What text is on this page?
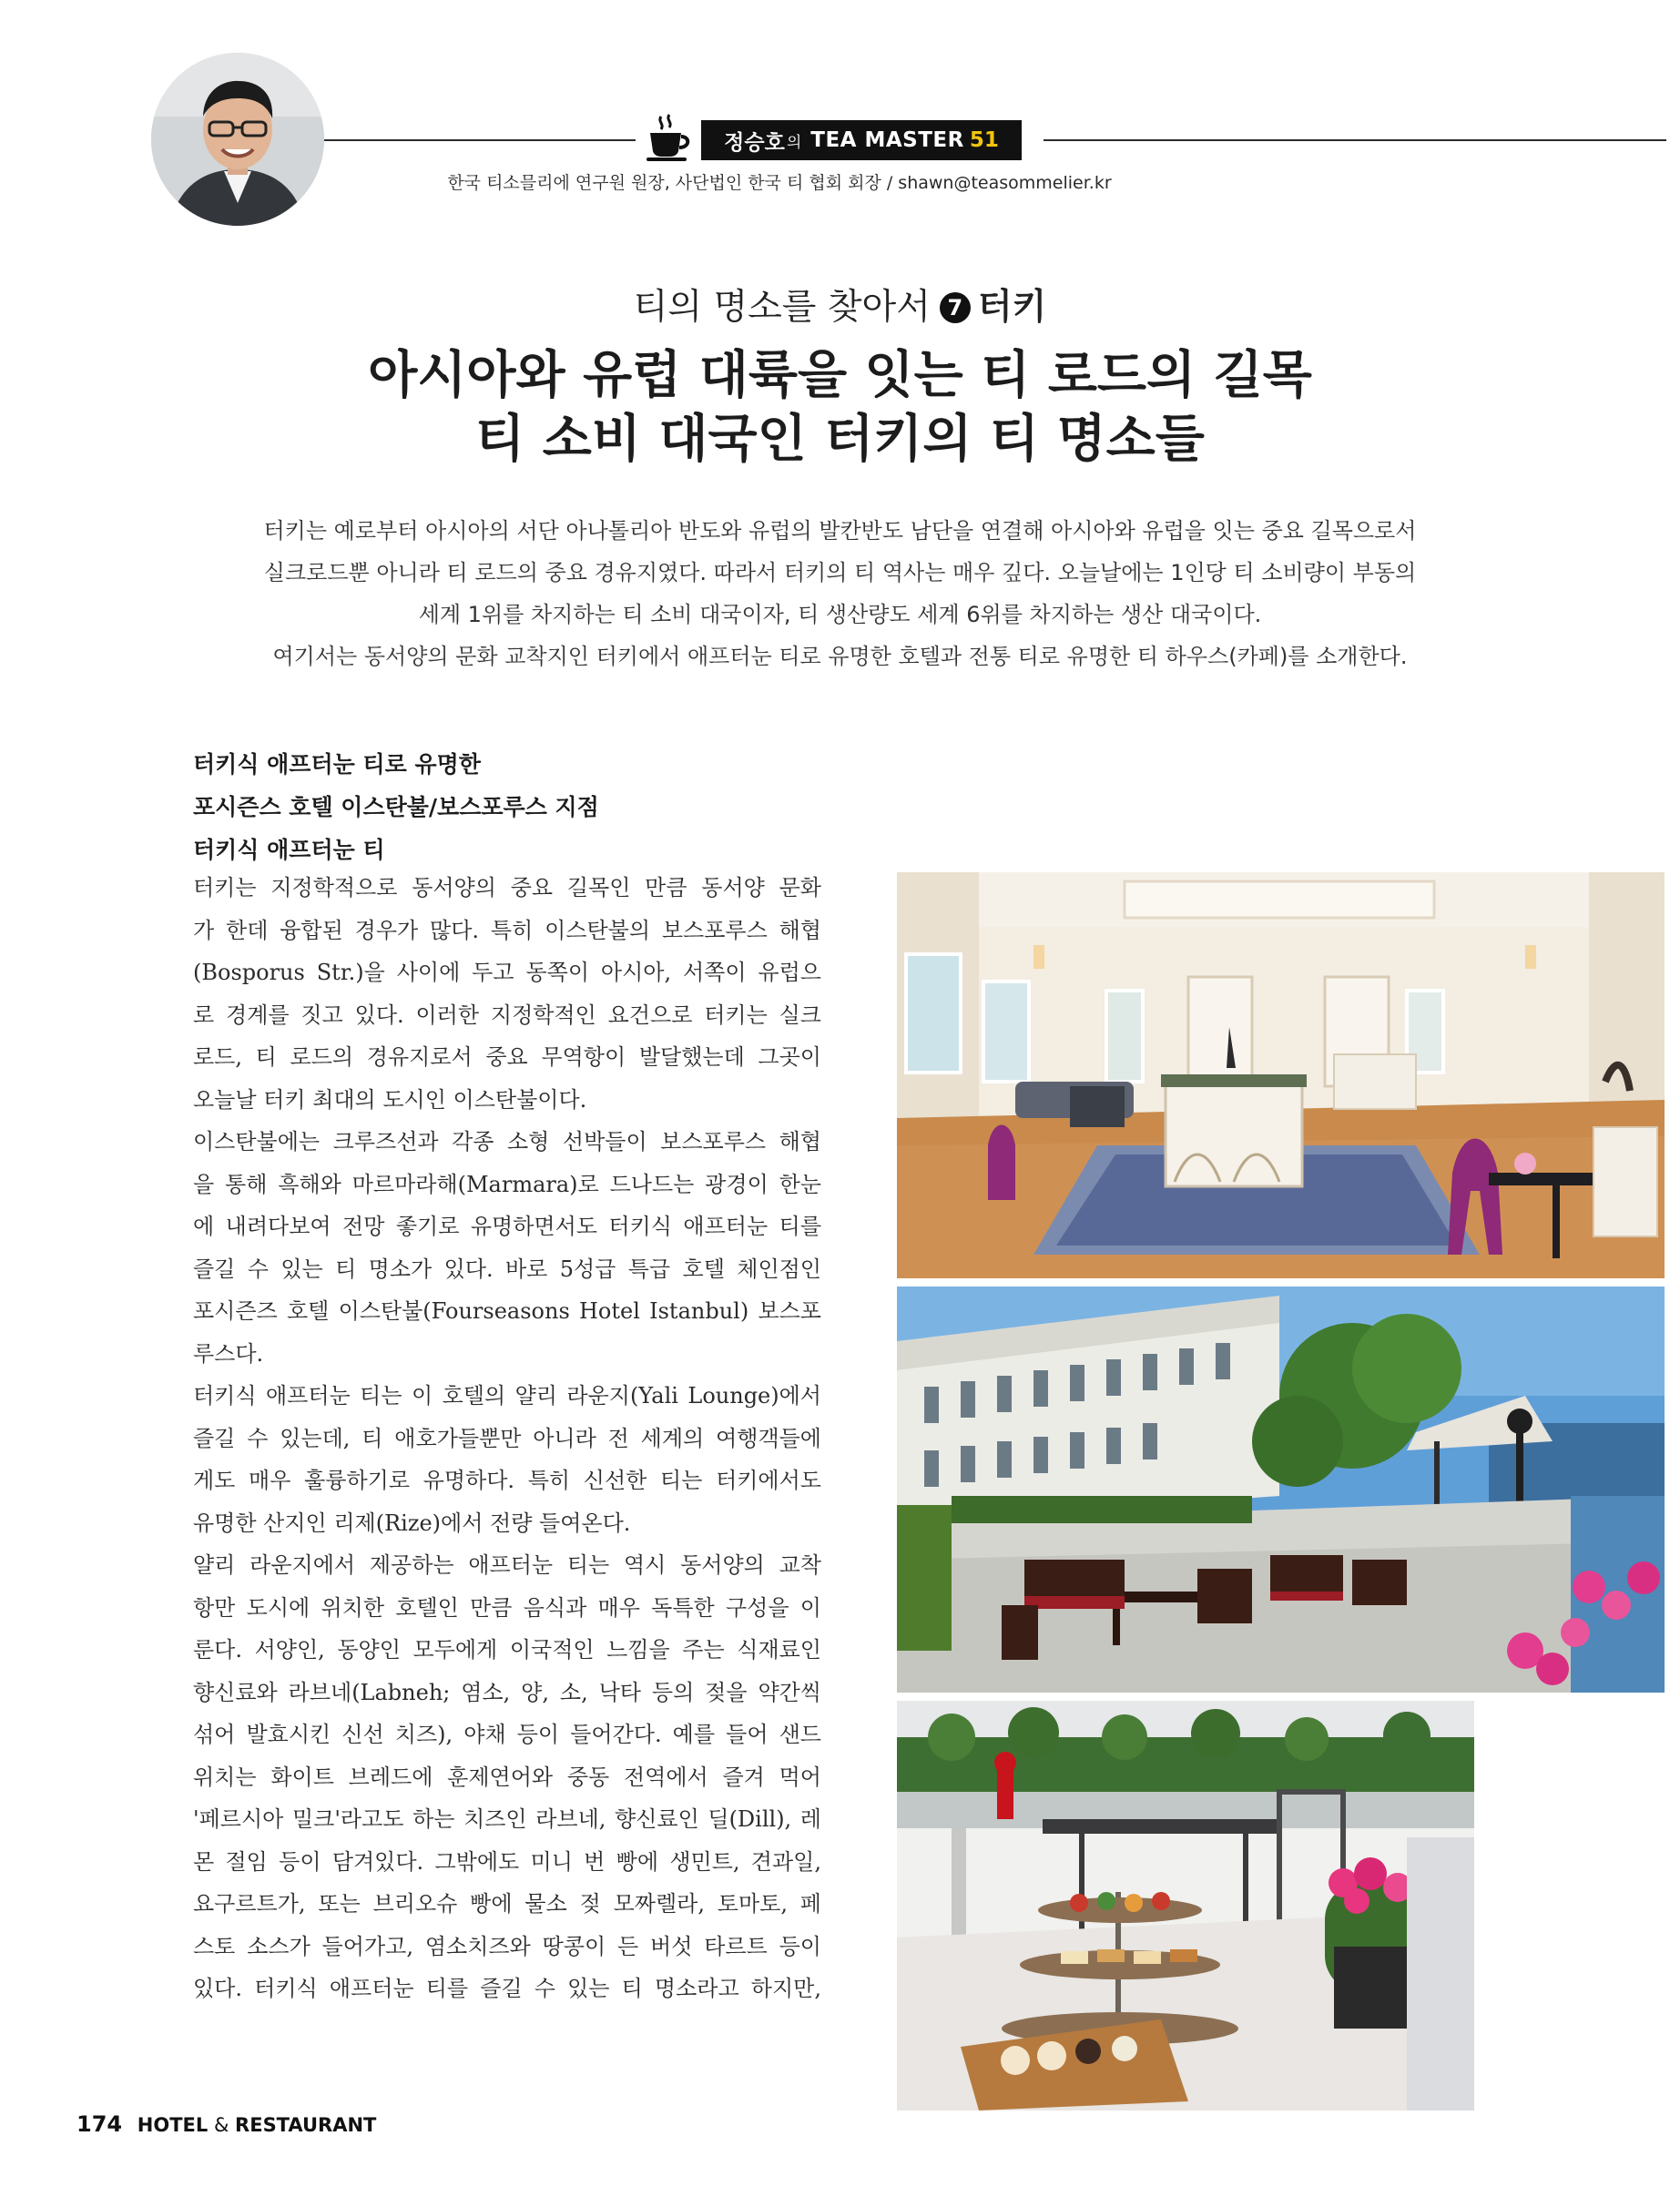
정승호 의 TEA MASTER 51
한국 티소믈리에 연구원 원장, 사단법인 한국 티 협회 회장 / shawn@teasommelier.kr
티의 명소를 찾아서 7 터키
아시아와 유럽 대륙을 잇는 티 로드의 길목
티 소비 대국인 터키의 티 명소들
터키는 예로부터 아시아의 서단 아나톨리아 반도와 유럽의 발칸반도 남단을 연결해 아시아와 유럽을 잇는 중요 길목으로서
실크로드뿐 아니라 티 로드의 중요 경유지였다. 따라서 터키의 티 역사는 매우 깊다. 오늘날에는 1인당 티 소비량이 부동의
세계 1위를 차지하는 티 소비 대국이자, 티 생산량도 세계 6위를 차지하는 생산 대국이다.
여기서는 동서양의 문화 교착지인 터키에서 애프터눈 티로 유명한 호텔과 전통 티로 유명한 티 하우스(카페)를 소개한다.
터키식 애프터눈 티로 유명한
포시즌스 호텔 이스탄불/보스포루스 지점
터키식 애프터눈 티
터키는 지정학적으로 동서양의 중요 길목인 만큼 동서양 문화
가 한데 융합된 경우가 많다. 특히 이스탄불의 보스포루스 해협
(Bosporus Str.)을 사이에 두고 동쪽이 아시아, 서쪽이 유럽으
로 경계를 짓고 있다. 이러한 지정학적인 요건으로 터키는 실크
로드, 티 로드의 경유지로서 중요 무역항이 발달했는데 그곳이
오늘날 터키 최대의 도시인 이스탄불이다.
이스탄불에는 크루즈선과 각종 소형 선박들이 보스포루스 해협
을 통해 흑해와 마르마라해(Marmara)로 드나드는 광경이 한눈
에 내려다보여 전망 좋기로 유명하면서도 터키식 애프터눈 티를
즐길 수 있는 티 명소가 있다. 바로 5성급 특급 호텔 체인점인
포시즌즈 호텔 이스탄불(Fourseasons Hotel Istanbul) 보스포
루스다.
터키식 애프터눈 티는 이 호텔의 얄리 라운지(Yali Lounge)에서
즐길 수 있는데, 티 애호가들뿐만 아니라 전 세계의 여행객들에
게도 매우 훌륭하기로 유명하다. 특히 신선한 티는 터키에서도
유명한 산지인 리제(Rize)에서 전량 들여온다.
얄리 라운지에서 제공하는 애프터눈 티는 역시 동서양의 교착
항만 도시에 위치한 호텔인 만큼 음식과 매우 독특한 구성을 이
룬다. 서양인, 동양인 모두에게 이국적인 느낌을 주는 식재료인
향신료와 라브네(Labneh; 염소, 양, 소, 낙타 등의 젖을 약간씩
섞어 발효시킨 신선 치즈), 야채 등이 들어간다. 예를 들어 샌드
위치는 화이트 브레드에 훈제연어와 중동 전역에서 즐겨 먹어
'페르시아 밀크'라고도 하는 치즈인 라브네, 향신료인 딜(Dill), 레
몬 절임 등이 담겨있다. 그밖에도 미니 번 빵에 생민트, 견과일,
요구르트가, 또는 브리오슈 빵에 물소 젖 모짜렐라, 토마토, 페
스토 소스가 들어가고, 염소치즈와 땅콩이 든 버섯 타르트 등이
있다. 터키식 애프터눈 티를 즐길 수 있는 티 명소라고 하지만,
174 HOTEL & RESTAURANT
